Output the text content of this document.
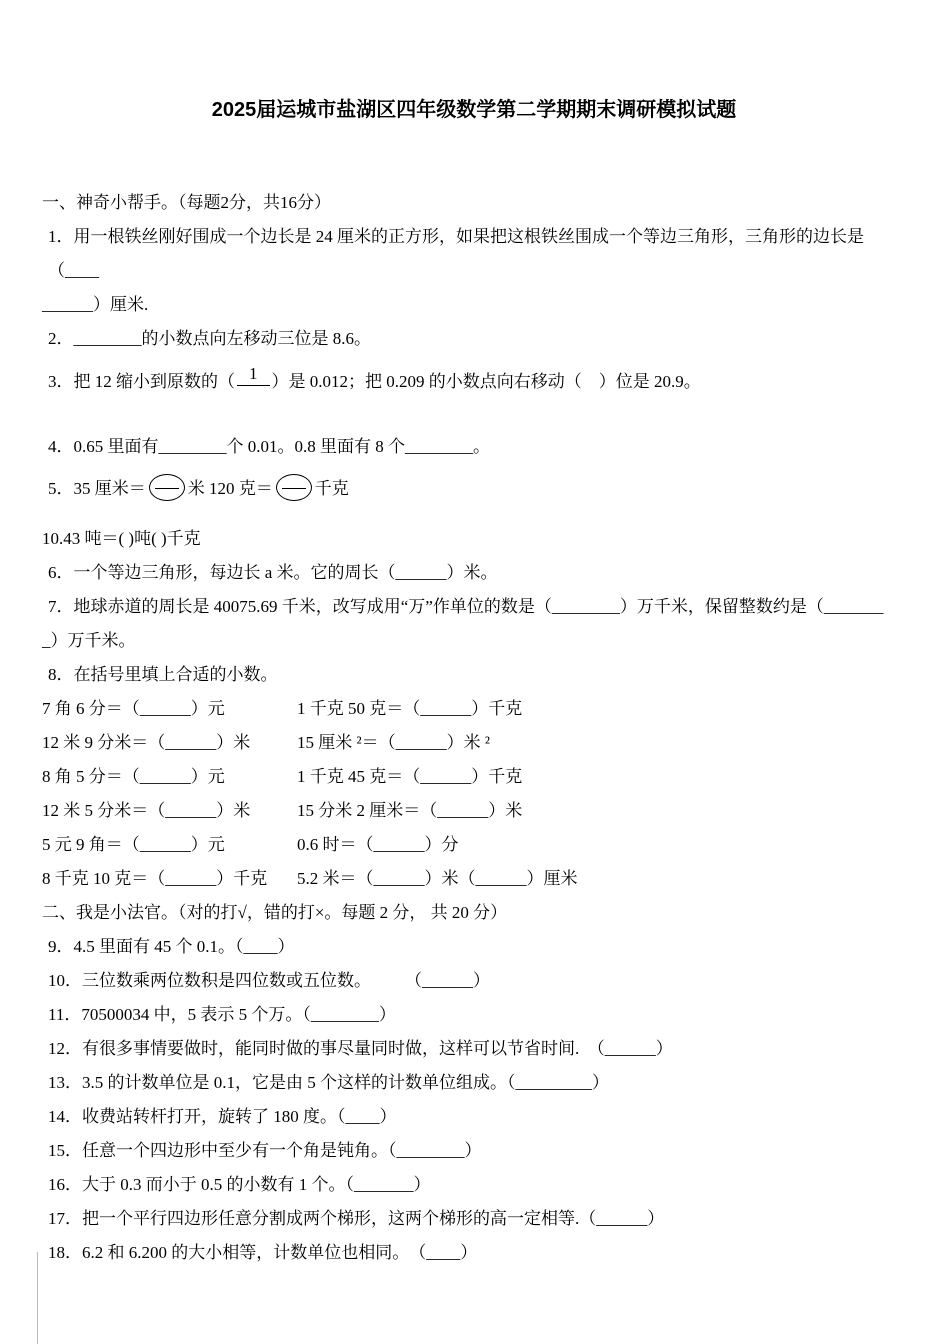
2025届运城市盐湖区四年级数学第二学期期末调研模拟试题
一、神奇小帮手。（每题2分，共16分）
1．用一根铁丝刚好围成一个边长是 24 厘米的正方形，如果把这根铁丝围成一个等边三角形，三角形的边长是（____
______）厘米.
2．________的小数点向左移动三位是 8.6。
3．把 12 缩小到原数的（ 1
　 ）是 0.012；把 0.209 的小数点向右移动（　）位是 20.9。
4．0.65 里面有________个 0.01。0.8 里面有 8 个________。
5．35 厘米＝ 米 120 克＝ 千克
10.43 吨＝( )吨( )千克
6．一个等边三角形，每边长 a 米。它的周长（______）米。
7．地球赤道的周长是 40075.69 千米，改写成用“万”作单位的数是（________）万千米，保留整数约是（_______
_）万千米。
8．在括号里填上合适的小数。
7 角 6 分＝（______）元	1 千克 50 克＝（______）千克
12 米 9 分米＝（______）米	15 厘米 ²＝（______）米 ²
8 角 5 分＝（______）元	1 千克 45 克＝（______）千克
12 米 5 分米＝（______）米	15 分米 2 厘米＝（______）米
5 元 9 角＝（______）元	0.6 时＝（______）分
8 千克 10 克＝（______）千克 5.2 米＝（______）米（______）厘米
二、我是小法官。（对的打√，错的打×。每题 2 分， 共 20 分）
9．4.5 里面有 45 个 0.1。（____）
10．三位数乘两位数积是四位数或五位数。　　　（______）
11．70500034 中，5 表示 5 个万。（________）
12．有很多事情要做时，能同时做的事尽量同时做，这样可以节省时间.　（______）
13．3.5 的计数单位是 0.1，它是由 5 个这样的计数单位组成。（_________）
14．收费站转杆打开，旋转了 180 度。（____）
15．任意一个四边形中至少有一个角是钝角。（________）
16．大于 0.3 而小于 0.5 的小数有 1 个。（_______）
17．把一个平行四边形任意分割成两个梯形，这两个梯形的高一定相等.（______）
18．6.2 和 6.200 的大小相等，计数单位也相同。　（____）
